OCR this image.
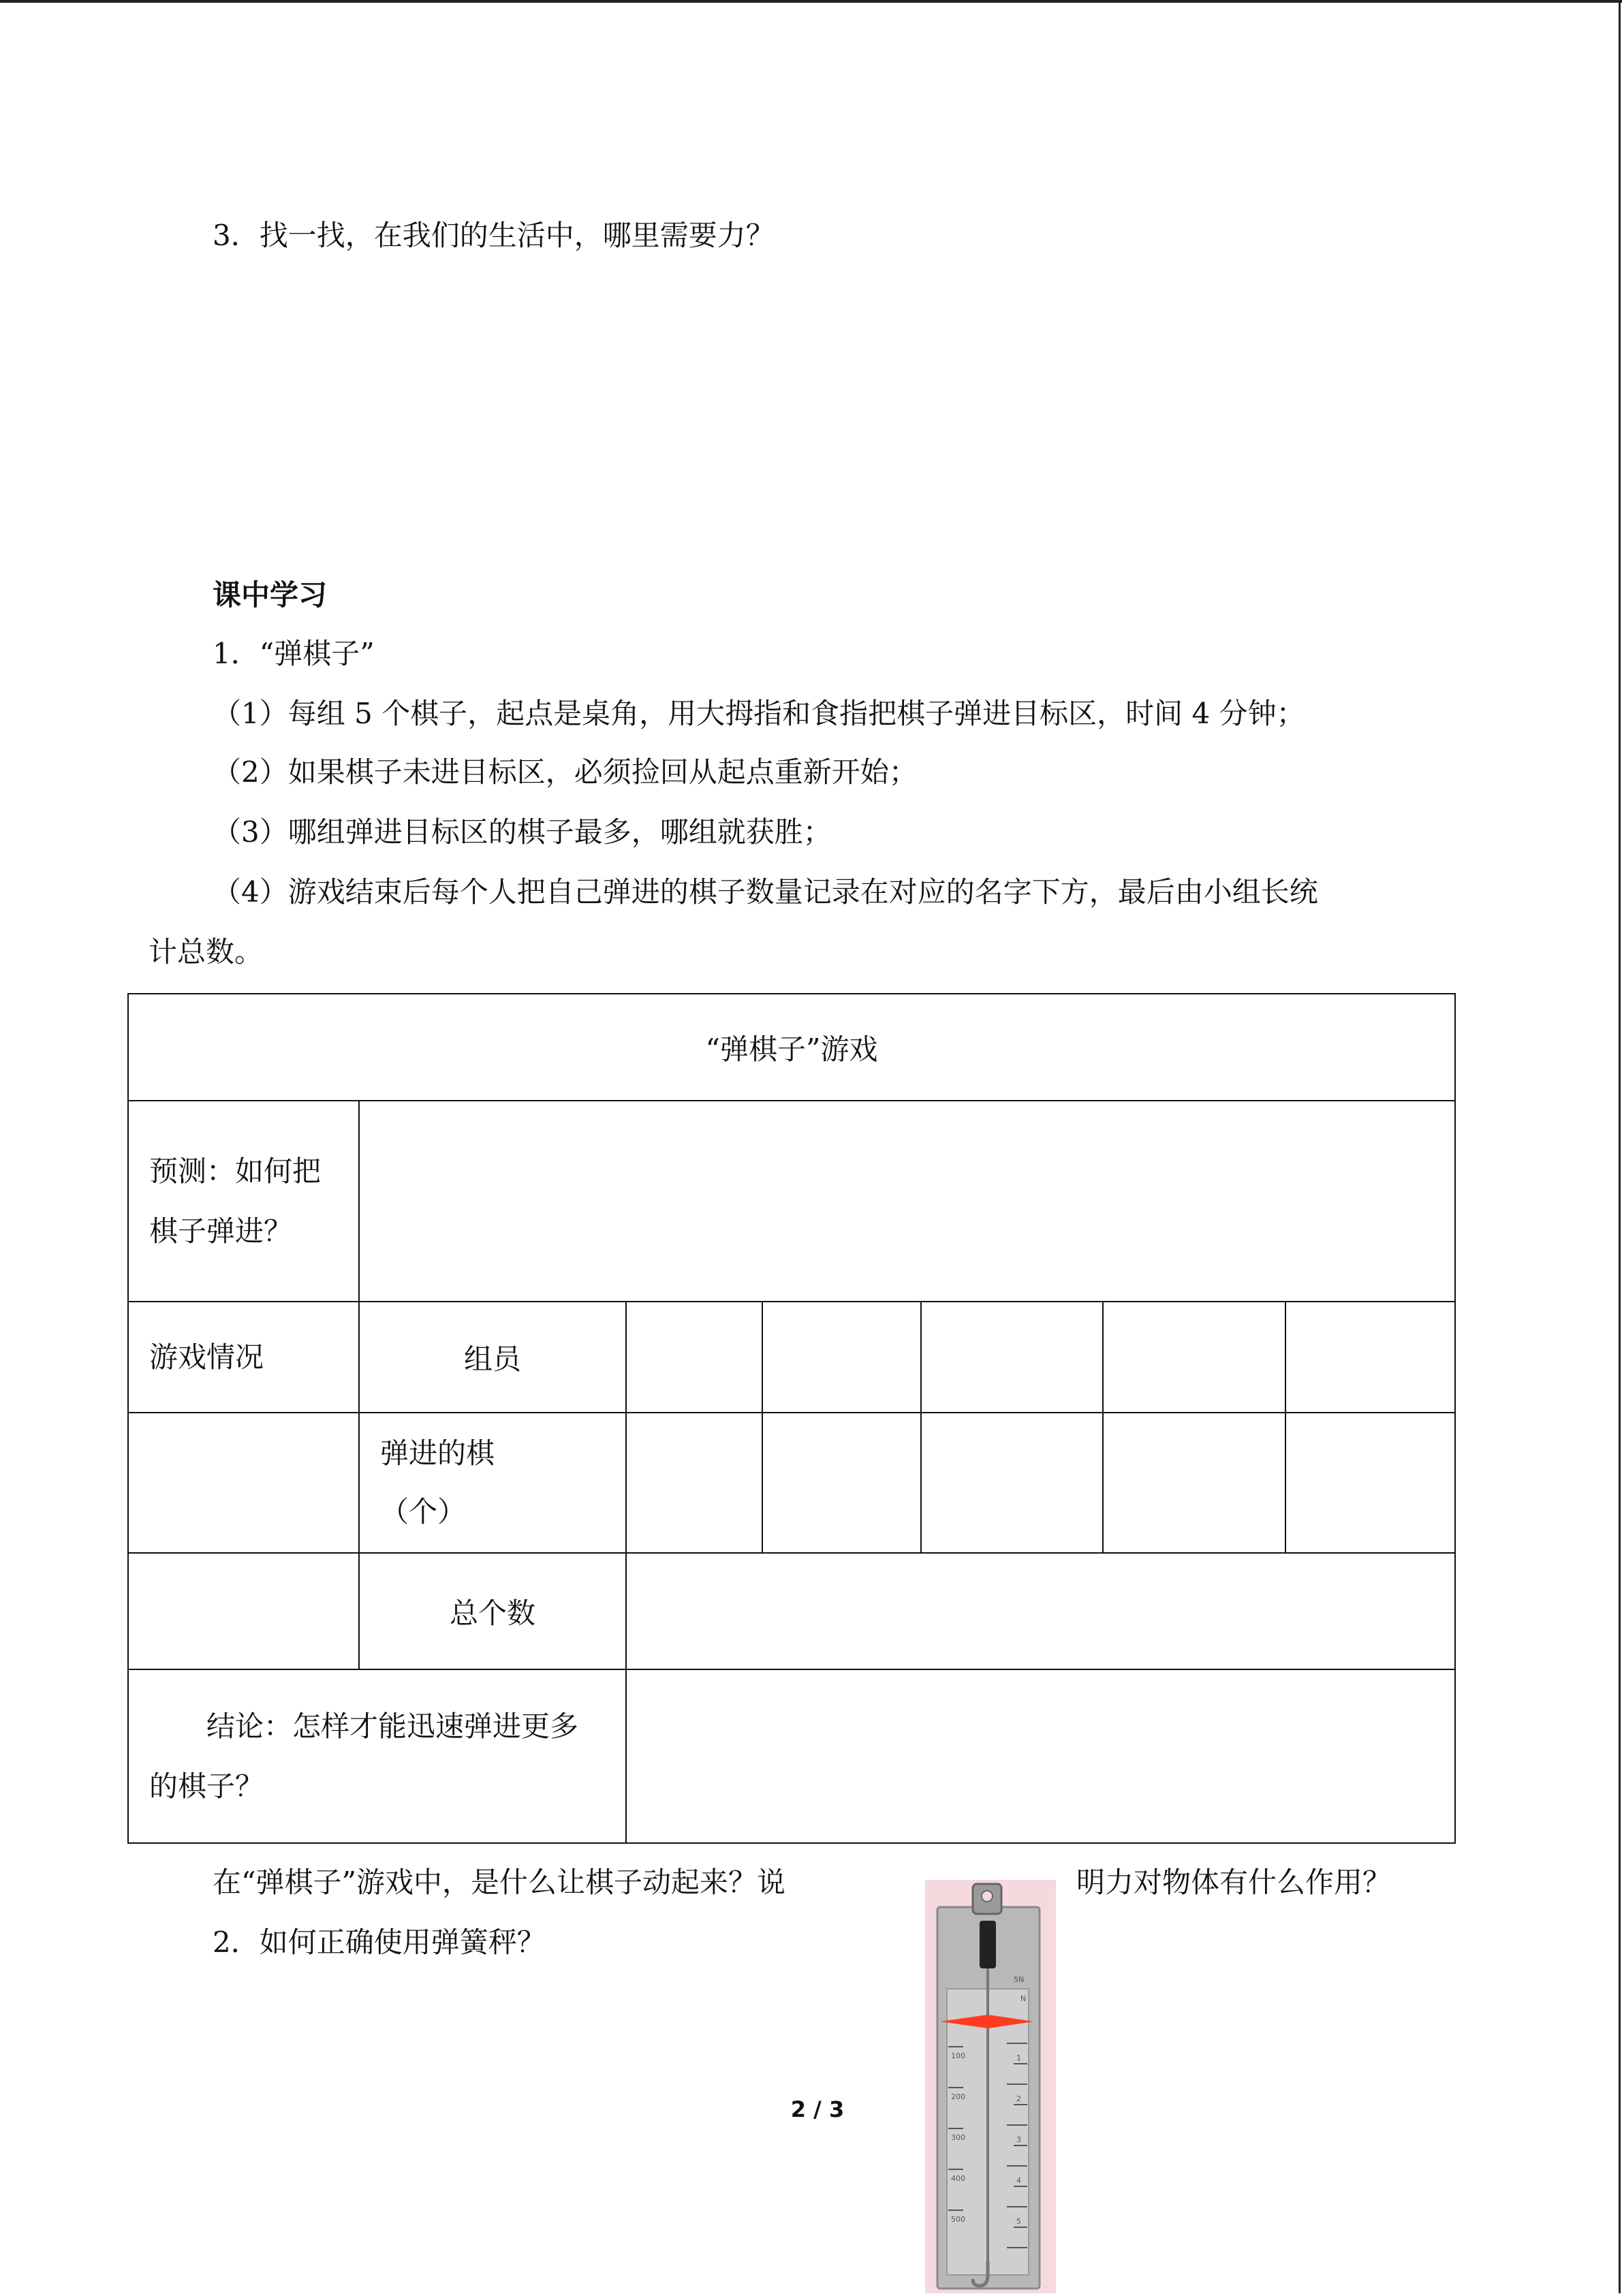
3．找一找，在我们的生活中，哪里需要力？
课中学习
1．“弹棋子”
（1）每组 5 个棋子，起点是桌角，用大拇指和食指把棋子弹进目标区，时间 4 分钟；
（2）如果棋子未进目标区，必须捡回从起点重新开始；
（3）哪组弹进目标区的棋子最多，哪组就获胜；
（4）游戏结束后每个人把自己弹进的棋子数量记录在对应的名字下方，最后由小组长统
计总数。
“弹棋子”游戏						

预测：如何把棋子弹进？						

游戏情况	组员					

	弹进的棋
（个）					

	总个数					

结论：怎样才能迅速弹进更多的棋子？						

在“弹棋子”游戏中，是什么让棋子动起来？说	明力对物体有什么作用？
2．如何正确使用弹簧秤？
100
200
300
400
500
1
2
3
4
5
5N
N
2 / 3
